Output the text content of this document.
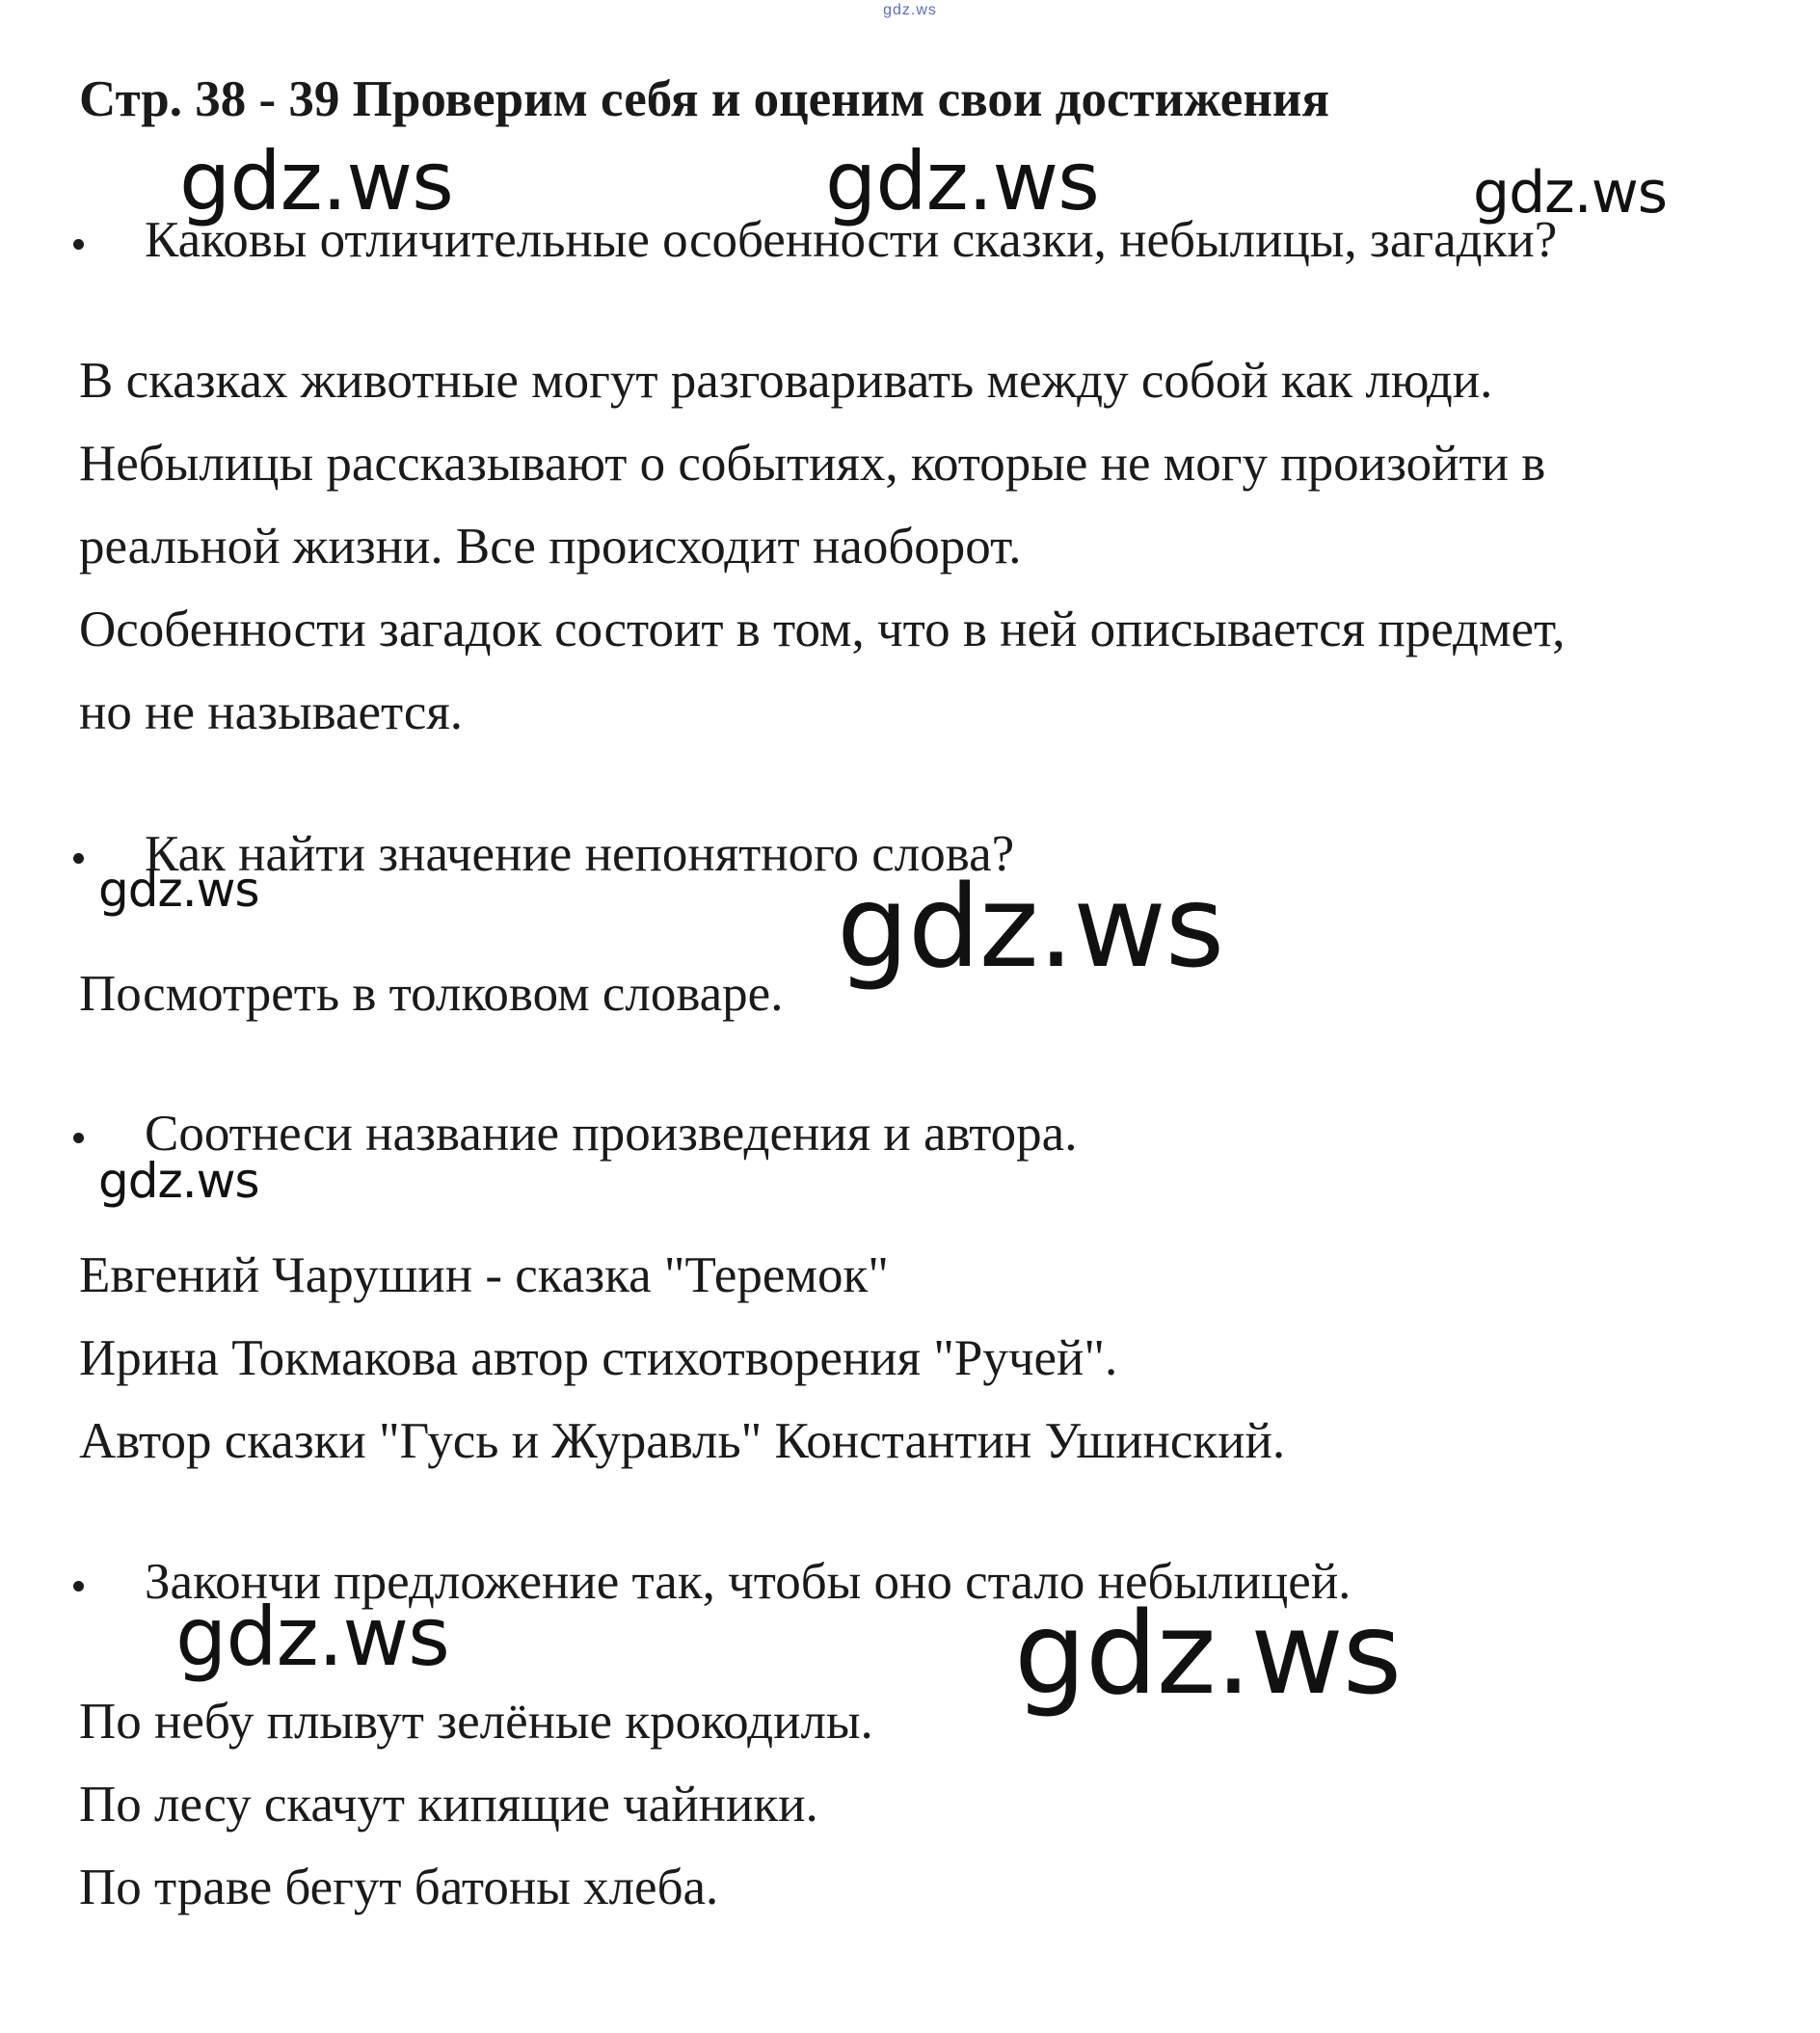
gdz.ws
Стр. 38 - 39 Проверим себя и оценим свои достижения

Каковы отличительные особенности сказки, небылицы, загадки?

В сказках животные могут разговаривать между собой как люди.

Небылицы рассказывают о событиях, которые не могу произойти в

реальной жизни. Все происходит наоборот.

Особенности загадок состоит в том, что в ней описывается предмет,

но не называется.

Как найти значение непонятного слова?

Посмотреть в толковом словаре.

Соотнеси название произведения и автора.

Евгений Чарушин - сказка "Теремок"

Ирина Токмакова автор стихотворения "Ручей".

Автор сказки "Гусь и Журавль" Константин Ушинский.

Закончи предложение так, чтобы оно стало небылицей.

По небу плывут зелёные крокодилы.

По лесу скачут кипящие чайники.

По траве бегут батоны хлеба.

gdz.ws	gdz.ws	gdz.ws
gdz.ws	gdz.ws
gdz.ws
gdz.ws	gdz.ws
